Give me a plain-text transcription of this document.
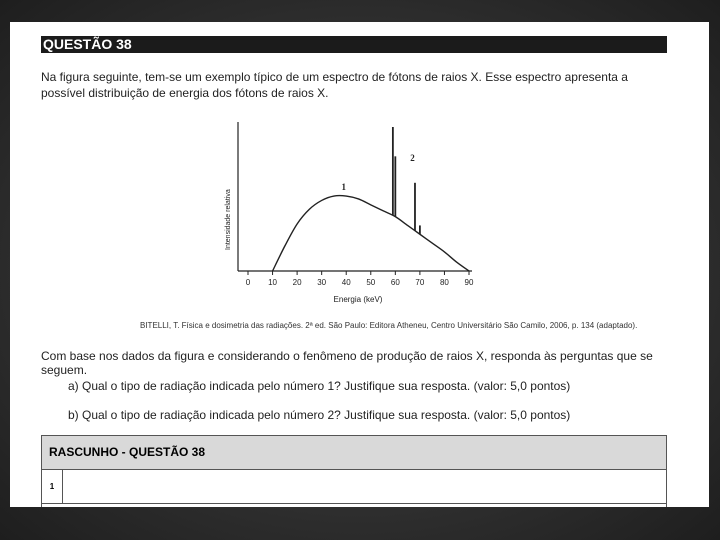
QUESTÃO 38
Na figura seguinte, tem-se um exemplo típico de um espectro de fótons de raios X. Esse espectro apresenta a possível distribuição de energia dos fótons de raios X.
Intensidade relativa
Energia (keV)
0 10 20 30 40 50 60 70 80 90
1
2
BITELLI, T. Física e dosimetria das radiações. 2ª ed. São Paulo: Editora Atheneu, Centro Universitário São Camilo, 2006, p. 134 (adaptado).
Com base nos dados da figura e considerando o fenômeno de produção de raios X, responda às perguntas que se seguem.
a) Qual o tipo de radiação indicada pelo número 1? Justifique sua resposta. (valor: 5,0 pontos)
b) Qual o tipo de radiação indicada pelo número 2? Justifique sua resposta. (valor: 5,0 pontos)
RASCUNHO - QUESTÃO 38
1
